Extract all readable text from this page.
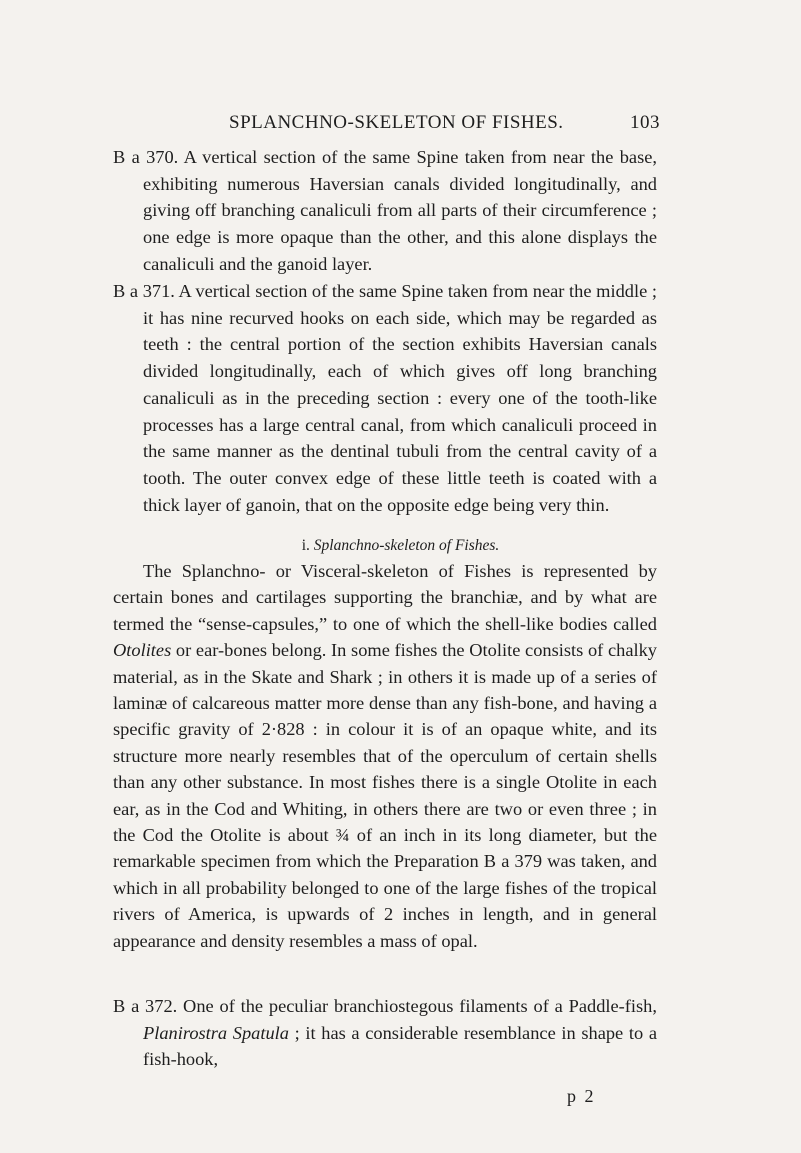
SPLANCHNO-SKELETON OF FISHES.	103

B a 370. A vertical section of the same Spine taken from near the base, exhibiting numerous Haversian canals divided longitudinally, and giving off branching canaliculi from all parts of their circumference ; one edge is more opaque than the other, and this alone displays the canaliculi and the ganoid layer.

B a 371. A vertical section of the same Spine taken from near the middle ; it has nine recurved hooks on each side, which may be regarded as teeth : the central portion of the section exhibits Haversian canals divided longitudinally, each of which gives off long branching canaliculi as in the preceding section : every one of the tooth-like processes has a large central canal, from which canaliculi proceed in the same manner as the dentinal tubuli from the central cavity of a tooth. The outer convex edge of these little teeth is coated with a thick layer of ganoin, that on the opposite edge being very thin.

i. Splanchno-skeleton of Fishes.

The Splanchno- or Visceral-skeleton of Fishes is represented by certain bones and cartilages supporting the branchiæ, and by what are termed the “sense-capsules,” to one of which the shell-like bodies called Otolites or ear-bones belong. In some fishes the Otolite consists of chalky material, as in the Skate and Shark ; in others it is made up of a series of laminæ of calcareous matter more dense than any fish-bone, and having a specific gravity of 2·828 : in colour it is of an opaque white, and its structure more nearly resembles that of the operculum of certain shells than any other substance. In most fishes there is a single Otolite in each ear, as in the Cod and Whiting, in others there are two or even three ; in the Cod the Otolite is about ¾ of an inch in its long diameter, but the remarkable specimen from which the Preparation B a 379 was taken, and which in all probability belonged to one of the large fishes of the tropical rivers of America, is upwards of 2 inches in length, and in general appearance and density resembles a mass of opal.

B a 372. One of the peculiar branchiostegous filaments of a Paddle-fish, Planirostra Spatula ; it has a considerable resemblance in shape to a fish-hook,

p 2
